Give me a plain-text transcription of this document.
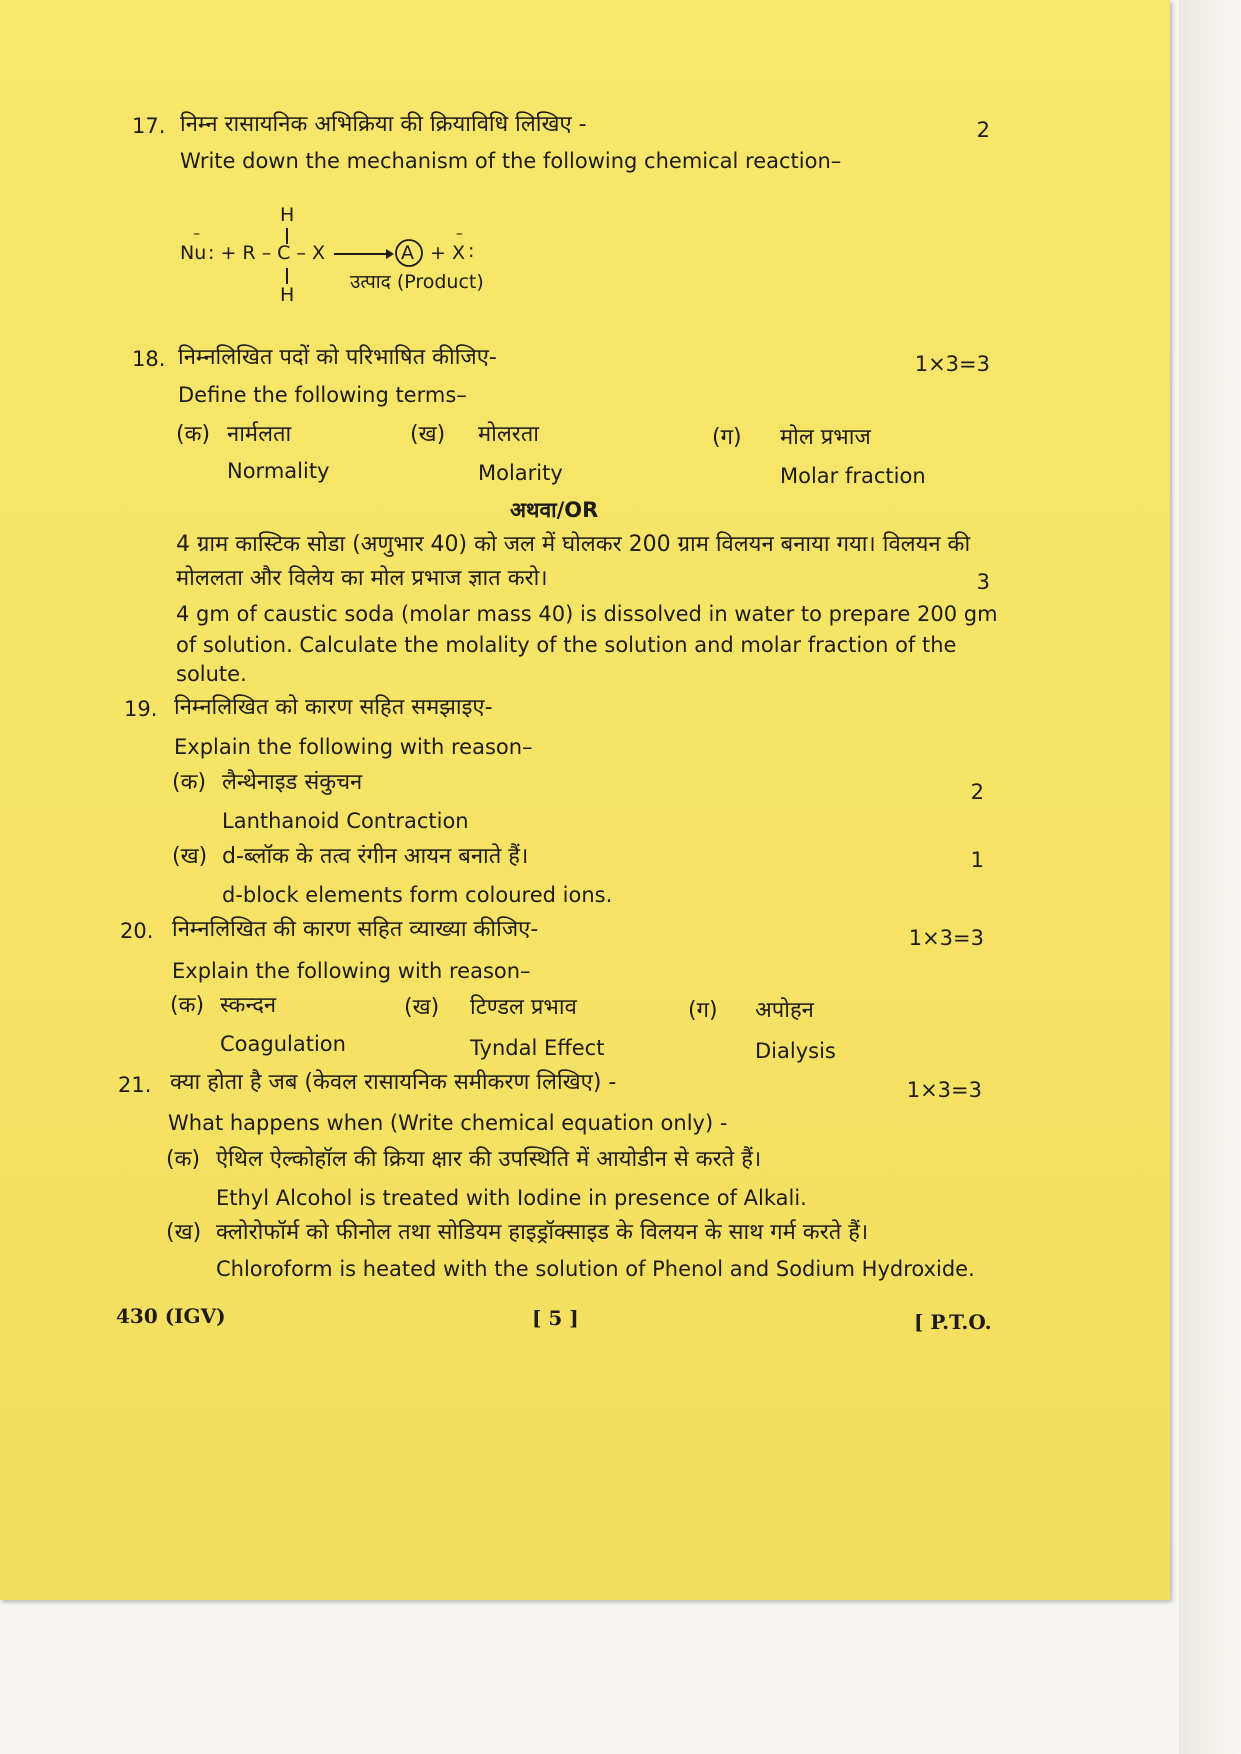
17. निम्न रासायनिक अभिक्रिया की क्रियाविधि लिखिए -	2
Write down the mechanism of the following chemical reaction–
H
Nu
–
: + R – C – X	A + X
–
:
H
उत्पाद (Product)
18. निम्नलिखित पदों को परिभाषित कीजिए-	1×3=3
Define the following terms–
(क) नार्मलता
Normality
(ख) मोलरता
Molarity
(ग) मोल प्रभाज
Molar fraction
अथवा/OR
4 ग्राम कास्टिक सोडा (अणुभार 40) को जल में घोलकर 200 ग्राम विलयन बनाया गया। विलयन की
मोललता और विलेय का मोल प्रभाज ज्ञात करो।	3
4 gm of caustic soda (molar mass 40) is dissolved in water to prepare 200 gm
of solution. Calculate the molality of the solution and molar fraction of the
solute.
19. निम्नलिखित को कारण सहित समझाइए-
Explain the following with reason–
(क) लैन्थेनाइड संकुचन	2
Lanthanoid Contraction
(ख) d-ब्लॉक के तत्व रंगीन आयन बनाते हैं।	1
d-block elements form coloured ions.
20. निम्नलिखित की कारण सहित व्याख्या कीजिए-	1×3=3
Explain the following with reason–
(क) स्कन्दन
Coagulation
(ख) टिण्डल प्रभाव
Tyndal Effect
(ग) अपोहन
Dialysis
21. क्या होता है जब (केवल रासायनिक समीकरण लिखिए) -	1×3=3
What happens when (Write chemical equation only) -
(क) ऐथिल ऐल्कोहॉल की क्रिया क्षार की उपस्थिति में आयोडीन से करते हैं।
Ethyl Alcohol is treated with Iodine in presence of Alkali.
(ख) क्लोरोफॉर्म को फीनोल तथा सोडियम हाइड्रॉक्साइड के विलयन के साथ गर्म करते हैं।
Chloroform is heated with the solution of Phenol and Sodium Hydroxide.
430 (IGV)	[ 5 ]	[ P.T.O.
